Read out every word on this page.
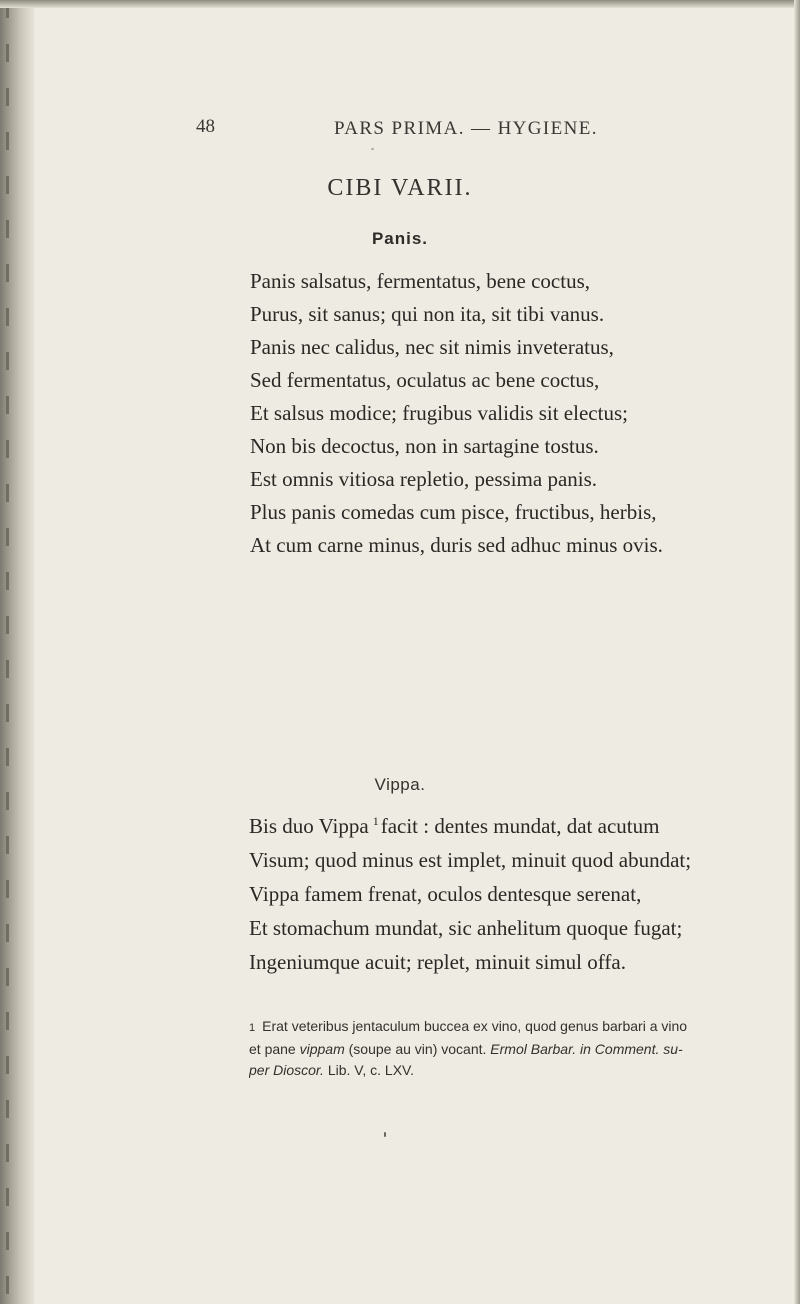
48	PARS PRIMA. — HYGIENE.
CIBI VARII.
Panis.
Panis salsatus, fermentatus, bene coctus,
Purus, sit sanus; qui non ita, sit tibi vanus.
Panis nec calidus, nec sit nimis inveteratus,
Sed fermentatus, oculatus ac bene coctus,
Et salsus modice; frugibus validis sit electus;
Non bis decoctus, non in sartagine tostus.
Est omnis vitiosa repletio, pessima panis.
Plus panis comedas cum pisce, fructibus, herbis,
At cum carne minus, duris sed adhuc minus ovis.
Vippa.
Bis duo Vippa $^1$facit : dentes mundat, dat acutum
Visum; quod minus est implet, minuit quod abundat;
Vippa famem frenat, oculos dentesque serenat,
Et stomachum mundat, sic anhelitum quoque fugat;
Ingeniumque acuit; replet, minuit simul offa.
1 Erat veteribus jentaculum buccea ex vino, quod genus barbari a vino
et pane vippam (soupe au vin) vocant. Ermol Barbar. in Comment. su-
per Dioscor. Lib. V, c. LXV.
